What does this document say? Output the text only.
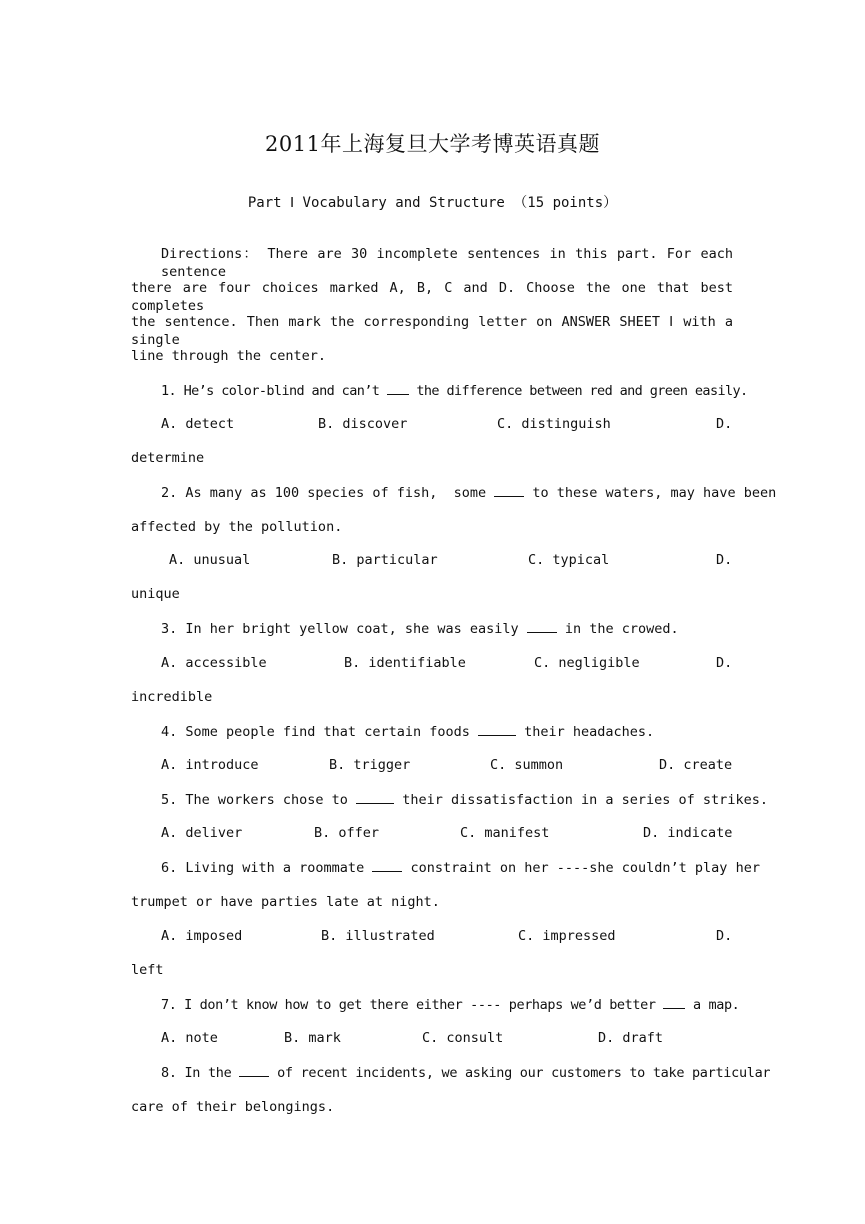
2011年上海复旦大学考博英语真题
Part Ⅰ Vocabulary and Structure （15 points）
Directions： There are 30 incomplete sentences in this part. For each sentence
there are four choices marked A, B, C and D. Choose the one that best completes
the sentence. Then mark the corresponding letter on ANSWER SHEET Ⅰ with a single
line through the center.
1. He’s color-blind and can’t  the difference between red and green easily.
A. detect	B. discover	C. distinguish	D.
determine
2. As many as 100 species of fish,  some  to these waters, may have been
affected by the pollution.
A. unusual	B. particular	C. typical	D.
unique
3. In her bright yellow coat, she was easily  in the crowed.
A. accessible	B. identifiable	C. negligible	D.
incredible
4. Some people find that certain foods	their headaches.
A. introduce	B. trigger	C. summon	D. create
5. The workers chose to	their dissatisfaction in a series of strikes.
A. deliver	B. offer	C. manifest	D. indicate
6. Living with a roommate  constraint on her ----she couldn’t play her
trumpet or have parties late at night.
A. imposed	B. illustrated	C. impressed	D.
left
7. I don’t know how to get there either ---- perhaps we’d better  a map.
A. note	B. mark	C. consult	D. draft
8. In the  of recent incidents, we asking our customers to take particular
care of their belongings.
